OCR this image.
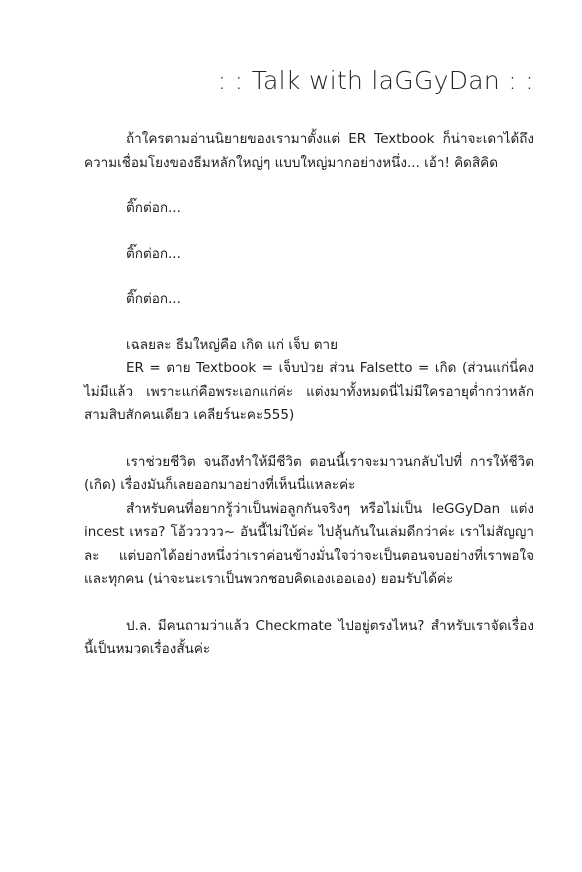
: : Talk with laGGyDan : :

ถ้าใครตามอ่านนิยายของเรามาตั้งแต่ ER Textbook ก็น่าจะเดาได้ถึงความเชื่อมโยงของธีมหลักใหญ่ๆ แบบใหญ่มากอย่างหนึ่ง... เอ้า! คิดสิคิด

ติ๊กต่อก...

ติ๊กต่อก...

ติ๊กต่อก...

เฉลยละ ธีมใหญ่คือ เกิด แก่ เจ็บ ตาย

ER = ตาย Textbook = เจ็บป่วย ส่วน Falsetto = เกิด (ส่วนแก่นี่คงไม่มีแล้ว เพราะแก่คือพระเอกแก่ค่ะ แต่งมาทั้งหมดนี่ไม่มีใครอายุต่ำกว่าหลักสามสิบสักคนเดียว เคลียร์นะคะ555)

เราช่วยชีวิต จนถึงทำให้มีชีวิต ตอนนี้เราจะมาวนกลับไปที่ การให้ชีวิต (เกิด) เรื่องมันก็เลยออกมาอย่างที่เห็นนี่แหละค่ะ

สำหรับคนที่อยากรู้ว่าเป็นพ่อลูกกันจริงๆ หรือไม่เป็น leGGyDan แต่ง incest เหรอ? โอ้ววววว~ อันนี้ไม่ใบ้ค่ะ ไปลุ้นกันในเล่มดีกว่าค่ะ เราไม่สัญญาละ แต่บอกได้อย่างหนึ่งว่าเราค่อนข้างมั่นใจว่าจะเป็นตอนจบอย่างที่เราพอใจ และทุกคน (น่าจะนะเราเป็นพวกชอบคิดเองเออเอง) ยอมรับได้ค่ะ

ป.ล. มีคนถามว่าแล้ว Checkmate ไปอยู่ตรงไหน? สำหรับเราจัดเรื่องนี้เป็นหมวดเรื่องสั้นค่ะ
